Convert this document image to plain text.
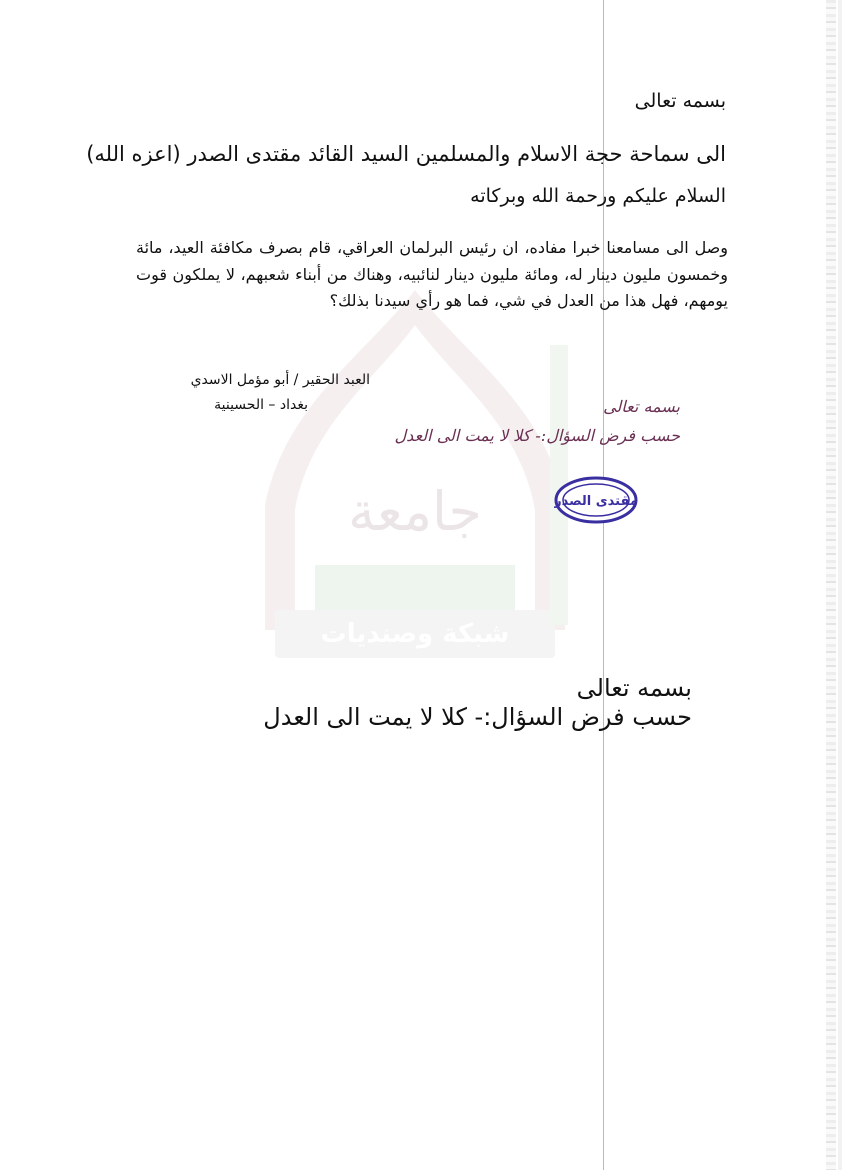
شبكة وصنديات
جامعة
بسمه تعالى
الى سماحة حجة الاسلام والمسلمين السيد القائد مقتدى الصدر (اعزه الله)
السلام عليكم ورحمة الله وبركاته
وصل الى مسامعنا خبرا مفاده، ان رئيس البرلمان العراقي، قام بصرف مكافئة العيد، مائة وخمسون مليون دينار له، ومائة مليون دينار لنائبيه، وهناك من أبناء شعبهم، لا يملكون قوت يومهم، فهل هذا من العدل في شي، فما هو رأي سيدنا بذلك؟
العبد الحقير / أبو مؤمل الاسدي
بغداد – الحسينية	بسمه تعالى
حسب فرض السؤال:- كلا لا يمت الى العدل
مقتدى الصدر
بسمه تعالى
حسب فرض السؤال:- كلا لا يمت الى العدل
